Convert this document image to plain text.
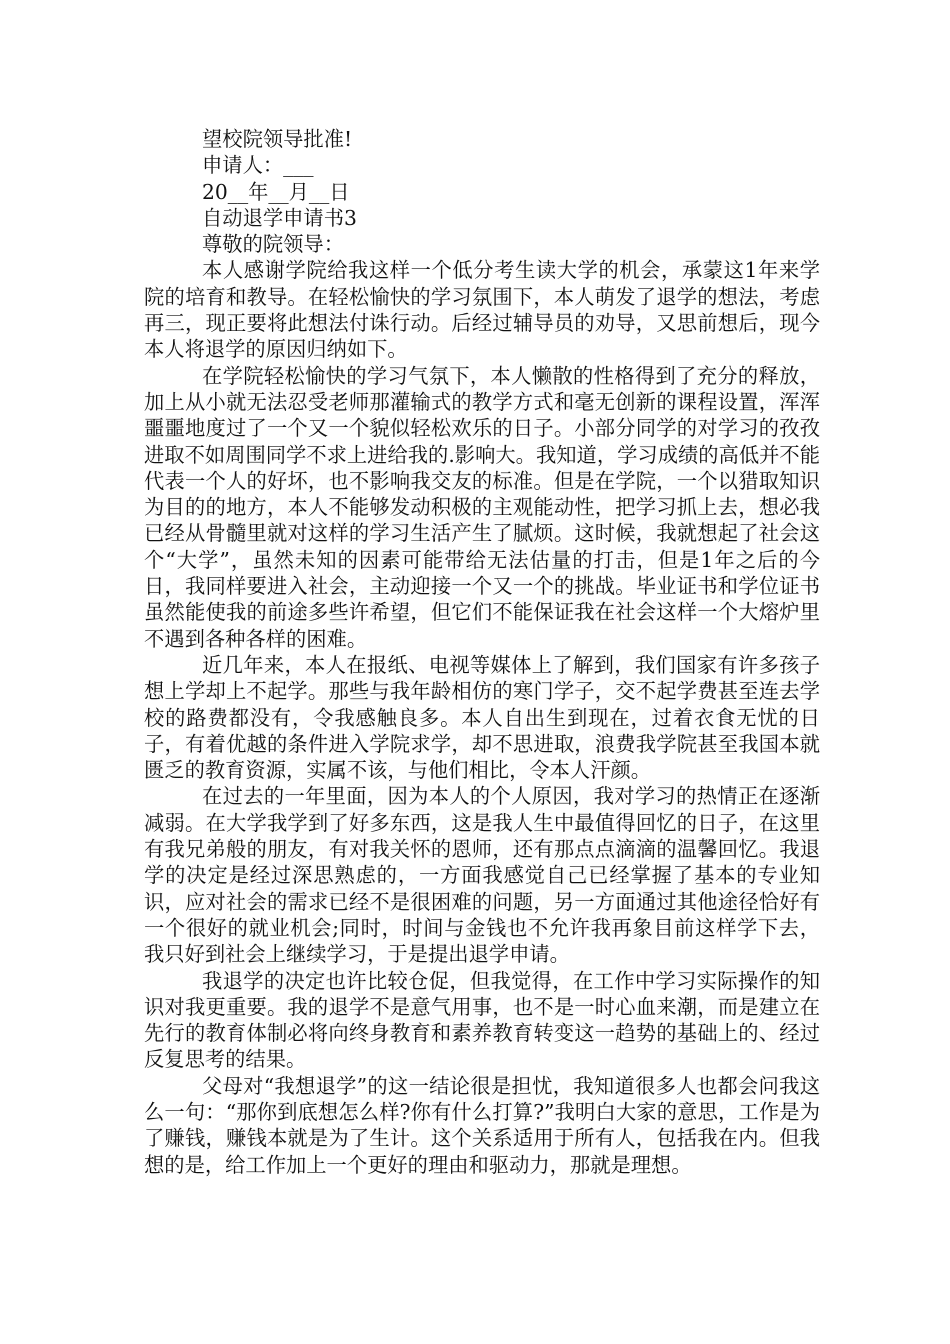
望校院领导批准!

申请人：___

20__年__月__日

自动退学申请书3

尊敬的院领导：

本人感谢学院给我这样一个低分考生读大学的机会，承蒙这1年来学院的培育和教导。在轻松愉快的学习氛围下，本人萌发了退学的想法，考虑再三，现正要将此想法付诛行动。后经过辅导员的劝导，又思前想后，现今本人将退学的原因归纳如下。

在学院轻松愉快的学习气氛下，本人懒散的性格得到了充分的释放，加上从小就无法忍受老师那灌输式的教学方式和毫无创新的课程设置，浑浑噩噩地度过了一个又一个貌似轻松欢乐的日子。小部分同学的对学习的孜孜进取不如周围同学不求上进给我的.影响大。我知道，学习成绩的高低并不能代表一个人的好坏，也不影响我交友的标准。但是在学院，一个以猎取知识为目的的地方，本人不能够发动积极的主观能动性，把学习抓上去，想必我已经从骨髓里就对这样的学习生活产生了腻烦。这时候，我就想起了社会这个“大学”，虽然未知的因素可能带给无法估量的打击，但是1年之后的今日，我同样要进入社会，主动迎接一个又一个的挑战。毕业证书和学位证书虽然能使我的前途多些许希望，但它们不能保证我在社会这样一个大熔炉里不遇到各种各样的困难。

近几年来，本人在报纸、电视等媒体上了解到，我们国家有许多孩子想上学却上不起学。那些与我年龄相仿的寒门学子，交不起学费甚至连去学校的路费都没有，令我感触良多。本人自出生到现在，过着衣食无忧的日子，有着优越的条件进入学院求学，却不思进取，浪费我学院甚至我国本就匮乏的教育资源，实属不该，与他们相比，令本人汗颜。

在过去的一年里面，因为本人的个人原因，我对学习的热情正在逐渐减弱。在大学我学到了好多东西，这是我人生中最值得回忆的日子，在这里有我兄弟般的朋友，有对我关怀的恩师，还有那点点滴滴的温馨回忆。我退学的决定是经过深思熟虑的，一方面我感觉自己已经掌握了基本的专业知识，应对社会的需求已经不是很困难的问题，另一方面通过其他途径恰好有一个很好的就业机会;同时，时间与金钱也不允许我再象目前这样学下去，我只好到社会上继续学习，于是提出退学申请。

我退学的决定也许比较仓促，但我觉得，在工作中学习实际操作的知识对我更重要。我的退学不是意气用事，也不是一时心血来潮，而是建立在先行的教育体制必将向终身教育和素养教育转变这一趋势的基础上的、经过反复思考的结果。

父母对“我想退学”的这一结论很是担忧，我知道很多人也都会问我这么一句：“那你到底想怎么样?你有什么打算?”我明白大家的意思，工作是为了赚钱，赚钱本就是为了生计。这个关系适用于所有人，包括我在内。但我想的是，给工作加上一个更好的理由和驱动力，那就是理想。
